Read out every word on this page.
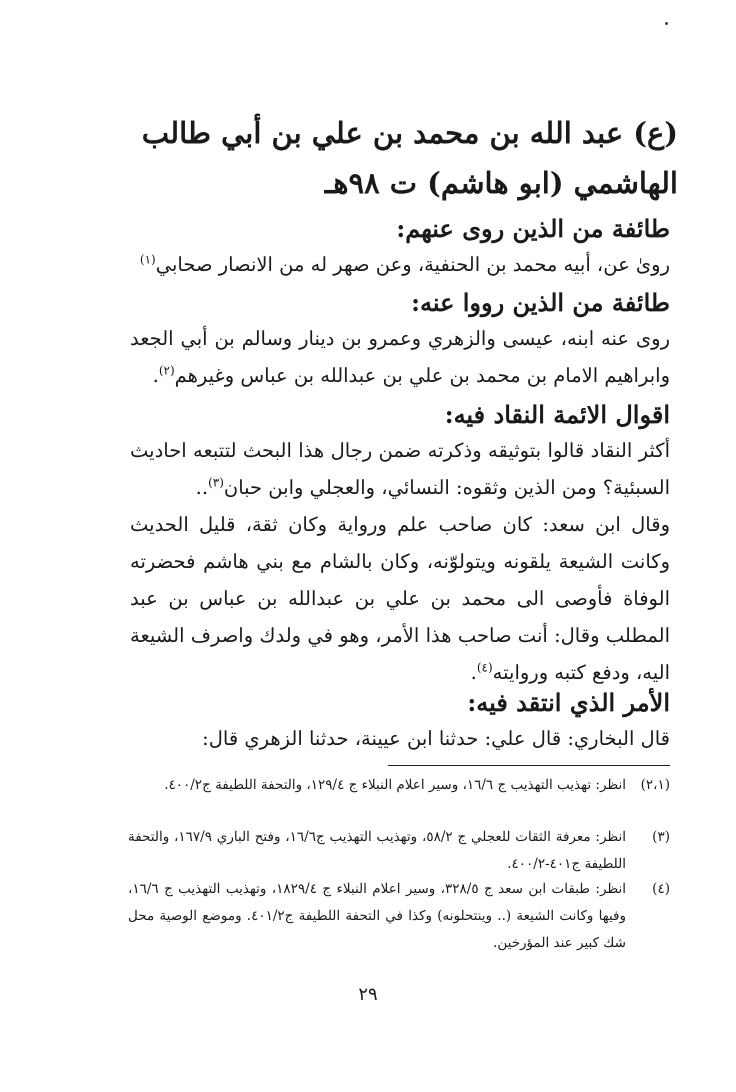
(ع) عبد الله بن محمد بن علي بن أبي طالب الهاشمي (ابو هاشم) ت ٩٨هـ
طائفة من الذين روى عنهم:
روىٰ عن، أبيه محمد بن الحنفية، وعن صهر له من الانصار صحابي$^{(١)}$
طائفة من الذين رووا عنه:
روى عنه ابنه، عيسى والزهري وعمرو بن دينار وسالم بن أبي الجعد وابراهيم الامام بن محمد بن علي بن عبدالله بن عباس وغيرهم$^{(٢)}$.
اقوال الائمة النقاد فيه:
أكثر النقاد قالوا بتوثيقه وذكرته ضمن رجال هذا البحث لتتبعه احاديث السبئية؟ ومن الذين وثقوه: النسائي، والعجلي وابن حبان$^{(٣)}$..
وقال ابن سعد: كان صاحب علم ورواية وكان ثقة، قليل الحديث وكانت الشيعة يلقونه ويتولوّنه، وكان بالشام مع بني هاشم فحضرته الوفاة فأوصى الى محمد بن علي بن عبدالله بن عباس بن عبد المطلب وقال: أنت صاحب هذا الأمر، وهو في ولدك واصرف الشيعة اليه، ودفع كتبه وروايته$^{(٤)}$.
الأمر الذي انتقد فيه:
قال البخاري: قال علي: حدثنا ابن عيينة، حدثنا الزهري قال:
(٢،١)
انظر: تهذيب التهذيب ج ١٦/٦، وسير اعلام النبلاء ج ١٢٩/٤، والتحفة اللطيفة ج٤٠٠/٢.
(٣)
انظر: معرفة الثقات للعجلي ج ٥٨/٢، وتهذيب التهذيب ج١٦/٦، وفتح الباري ١٦٧/٩، والتحفة اللطيفة ج٤٠١-٤٠٠/٢.
(٤)
انظر: طبقات ابن سعد ج ٣٢٨/٥، وسير اعلام النبلاء ج ١٨٢٩/٤، وتهذيب التهذيب ج ١٦/٦، وفيها وكانت الشيعة (.. وينتحلونه) وكذا في التحفة اللطيفة ج٤٠١/٢. وموضع الوصية محل شك كبير عند المؤرخين.
٢٩
